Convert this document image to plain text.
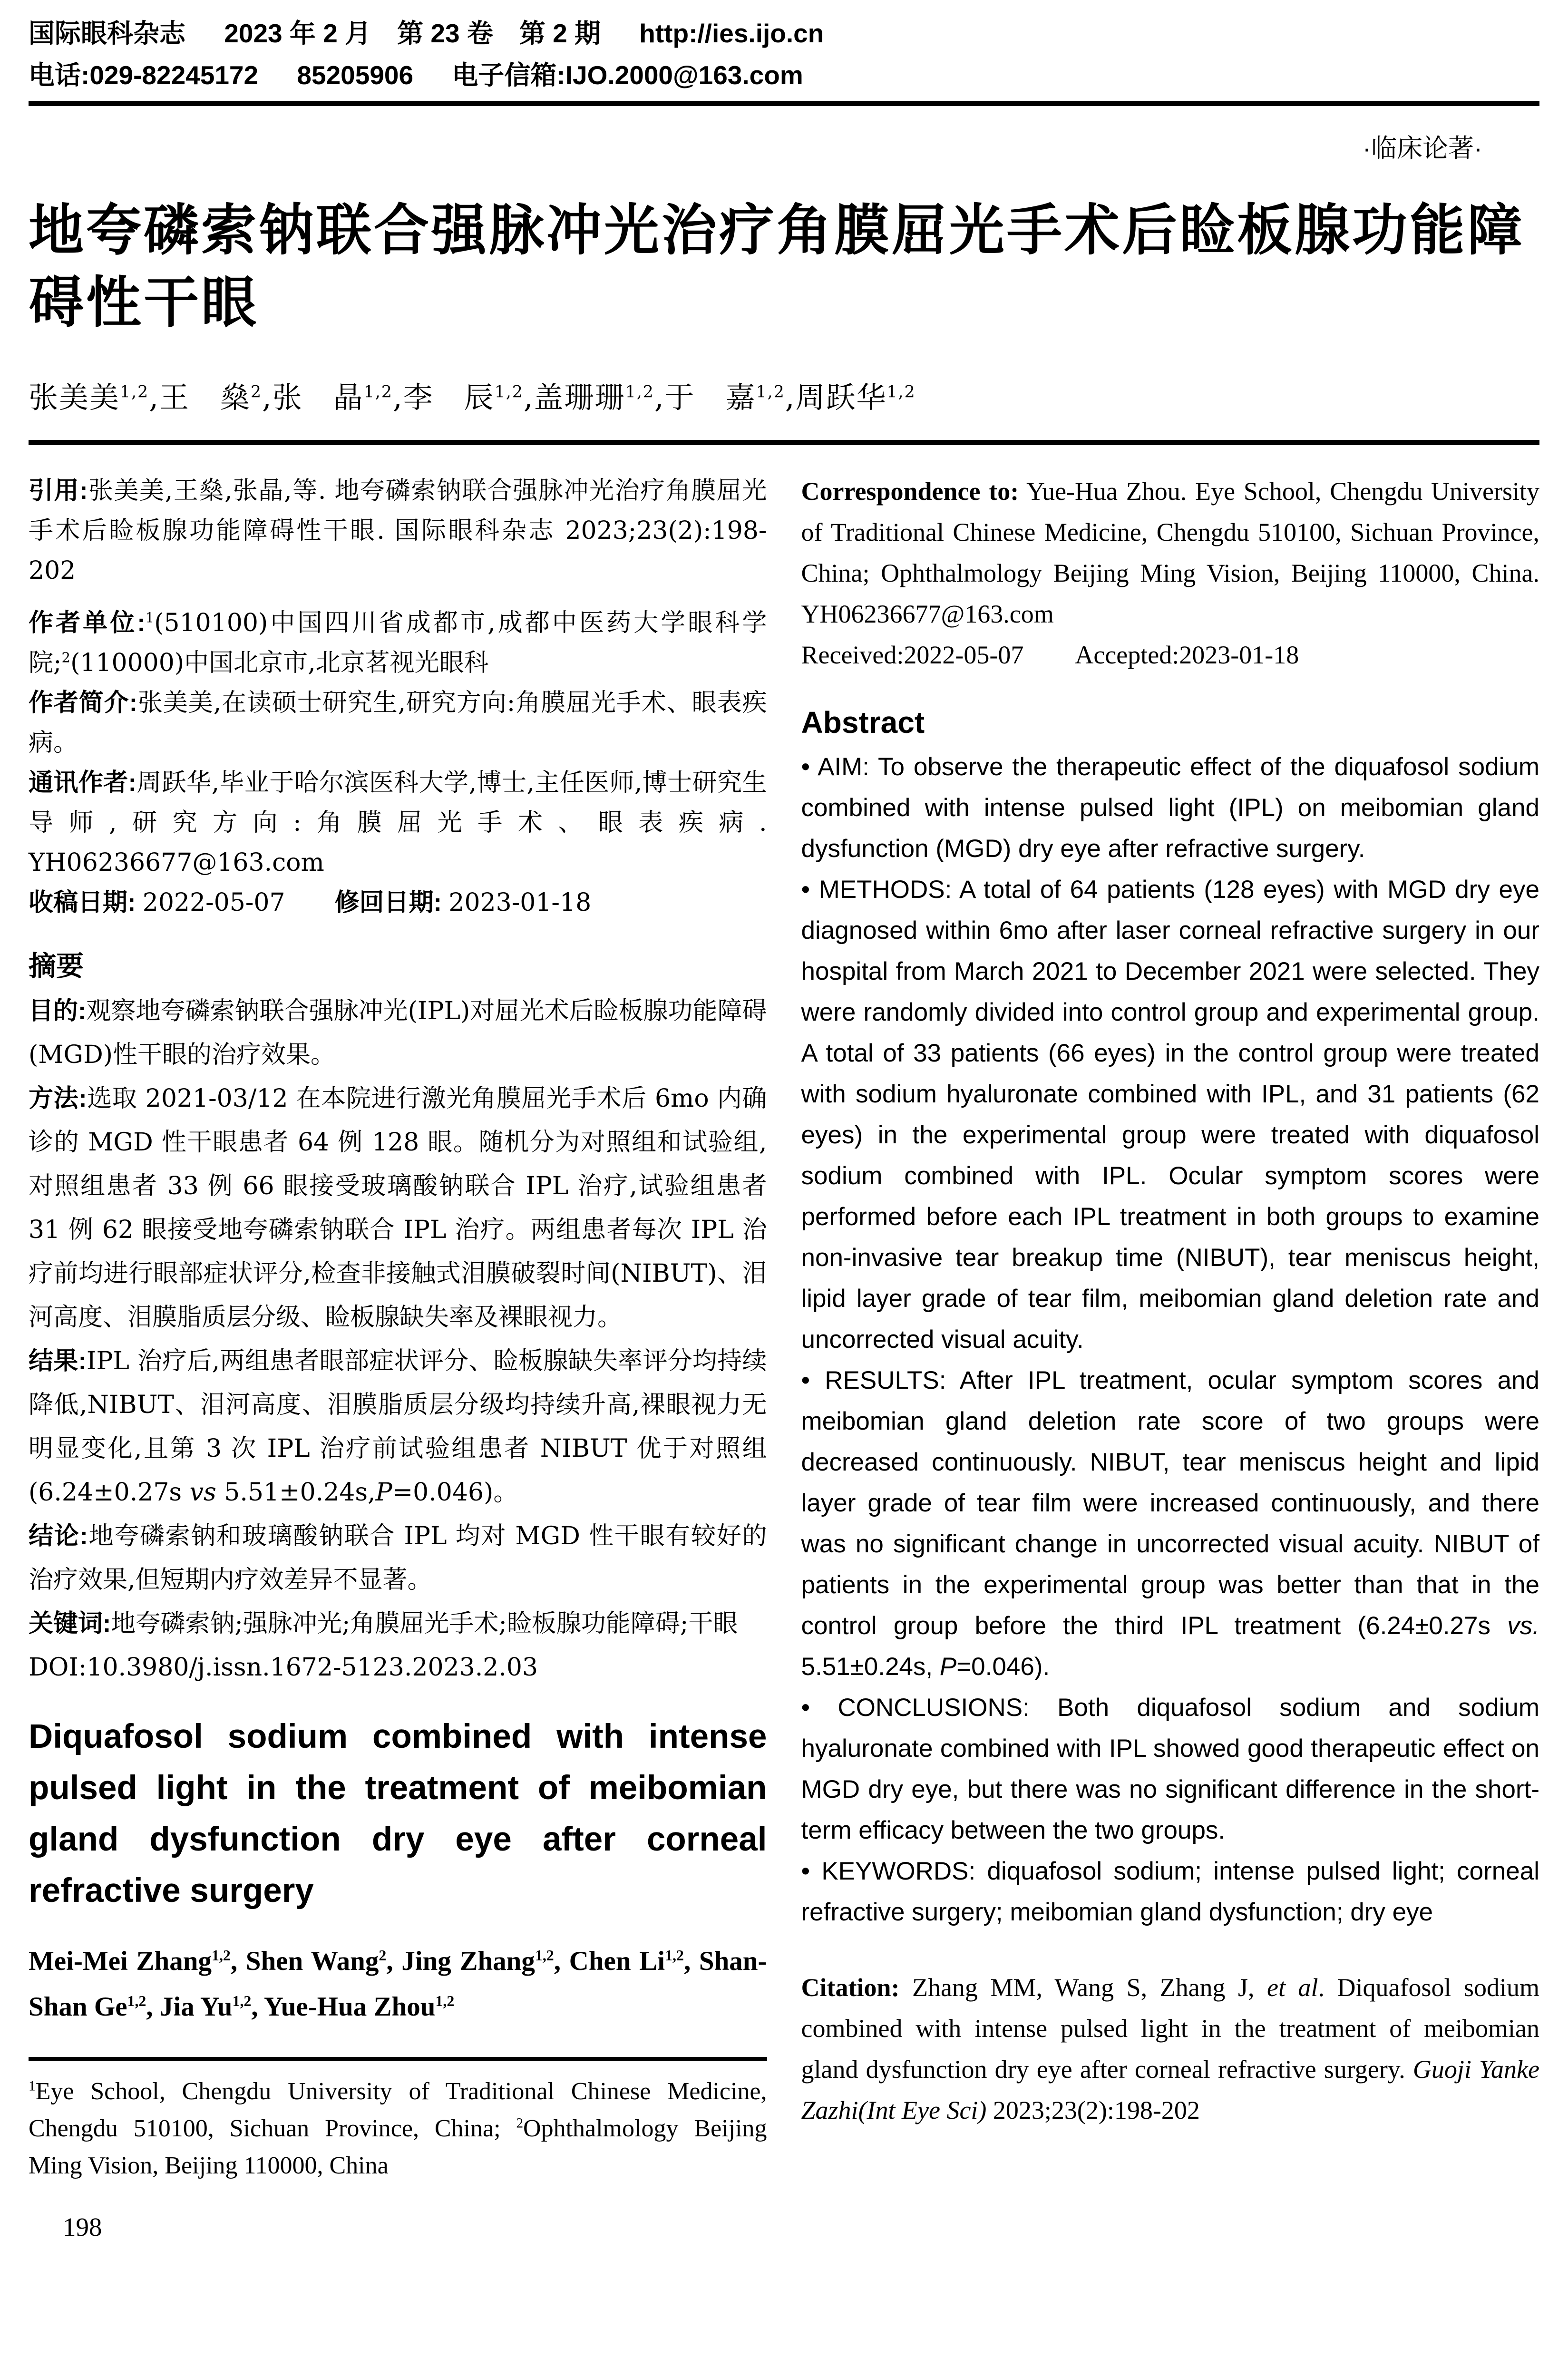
国际眼科杂志 2023 年 2 月　第 23 卷　第 2 期 http://ies.ijo.cn
电话:029-82245172 85205906 电子信箱:IJO.2000@163.com
·临床论著·
地夸磷索钠联合强脉冲光治疗角膜屈光手术后睑板腺功能障碍性干眼
张美美$^{1,2}$,王　燊$^2$,张　晶$^{1,2}$,李　辰$^{1,2}$,盖珊珊$^{1,2}$,于　嘉$^{1,2}$,周跃华$^{1,2}$

引用:张美美,王燊,张晶,等. 地夸磷索钠联合强脉冲光治疗角膜屈光手术后睑板腺功能障碍性干眼. 国际眼科杂志 2023;23(2):198-202

作者单位:$^1$(510100)中国四川省成都市,成都中医药大学眼科学院;$^2$(110000)中国北京市,北京茗视光眼科

作者简介:张美美,在读硕士研究生,研究方向:角膜屈光手术、眼表疾病。

通讯作者:周跃华,毕业于哈尔滨医科大学,博士,主任医师,博士研究生导师,研究方向:角膜屈光手术、眼表疾病. YH06236677@163.com

收稿日期: 2022-05-07　　 修回日期: 2023-01-18

摘要

目的:观察地夸磷索钠联合强脉冲光(IPL)对屈光术后睑板腺功能障碍(MGD)性干眼的治疗效果。

方法:选取 2021-03/12 在本院进行激光角膜屈光手术后 6mo 内确诊的 MGD 性干眼患者 64 例 128 眼。随机分为对照组和试验组,对照组患者 33 例 66 眼接受玻璃酸钠联合 IPL 治疗,试验组患者 31 例 62 眼接受地夸磷索钠联合 IPL 治疗。两组患者每次 IPL 治疗前均进行眼部症状评分,检查非接触式泪膜破裂时间(NIBUT)、泪河高度、泪膜脂质层分级、睑板腺缺失率及裸眼视力。

结果:IPL 治疗后,两组患者眼部症状评分、睑板腺缺失率评分均持续降低,NIBUT、泪河高度、泪膜脂质层分级均持续升高,裸眼视力无明显变化,且第 3 次 IPL 治疗前试验组患者 NIBUT 优于对照组(6.24±0.27s vs 5.51±0.24s,P=0.046)。

结论:地夸磷索钠和玻璃酸钠联合 IPL 均对 MGD 性干眼有较好的治疗效果,但短期内疗效差异不显著。

关键词:地夸磷索钠;强脉冲光;角膜屈光手术;睑板腺功能障碍;干眼

DOI:10.3980/j.issn.1672-5123.2023.2.03

Diquafosol sodium combined with intense pulsed light in the treatment of meibomian gland dysfunction dry eye after corneal refractive surgery

Mei-Mei Zhang$^{1,2}$, Shen Wang$^2$, Jing Zhang$^{1,2}$, Chen Li$^{1,2}$, Shan-Shan Ge$^{1,2}$, Jia Yu$^{1,2}$, Yue-Hua Zhou$^{1,2}$

$^1$Eye School, Chengdu University of Traditional Chinese Medicine, Chengdu 510100, Sichuan Province, China; $^2$Ophthalmology Beijing Ming Vision, Beijing 110000, China

198

Correspondence to: Yue-Hua Zhou. Eye School, Chengdu University of Traditional Chinese Medicine, Chengdu 510100, Sichuan Province, China; Ophthalmology Beijing Ming Vision, Beijing 110000, China. YH06236677@163.com

Received:2022-05-07　　Accepted:2023-01-18

Abstract

• AIM: To observe the therapeutic effect of the diquafosol sodium combined with intense pulsed light (IPL) on meibomian gland dysfunction (MGD) dry eye after refractive surgery.

• METHODS: A total of 64 patients (128 eyes) with MGD dry eye diagnosed within 6mo after laser corneal refractive surgery in our hospital from March 2021 to December 2021 were selected. They were randomly divided into control group and experimental group. A total of 33 patients (66 eyes) in the control group were treated with sodium hyaluronate combined with IPL, and 31 patients (62 eyes) in the experimental group were treated with diquafosol sodium combined with IPL. Ocular symptom scores were performed before each IPL treatment in both groups to examine non-invasive tear breakup time (NIBUT), tear meniscus height, lipid layer grade of tear film, meibomian gland deletion rate and uncorrected visual acuity.

• RESULTS: After IPL treatment, ocular symptom scores and meibomian gland deletion rate score of two groups were decreased continuously. NIBUT, tear meniscus height and lipid layer grade of tear film were increased continuously, and there was no significant change in uncorrected visual acuity. NIBUT of patients in the experimental group was better than that in the control group before the third IPL treatment (6.24±0.27s vs. 5.51±0.24s, P=0.046).

• CONCLUSIONS: Both diquafosol sodium and sodium hyaluronate combined with IPL showed good therapeutic effect on MGD dry eye, but there was no significant difference in the short-term efficacy between the two groups.

• KEYWORDS: diquafosol sodium; intense pulsed light; corneal refractive surgery; meibomian gland dysfunction; dry eye

Citation: Zhang MM, Wang S, Zhang J, et al. Diquafosol sodium combined with intense pulsed light in the treatment of meibomian gland dysfunction dry eye after corneal refractive surgery. Guoji Yanke Zazhi(Int Eye Sci) 2023;23(2):198-202
